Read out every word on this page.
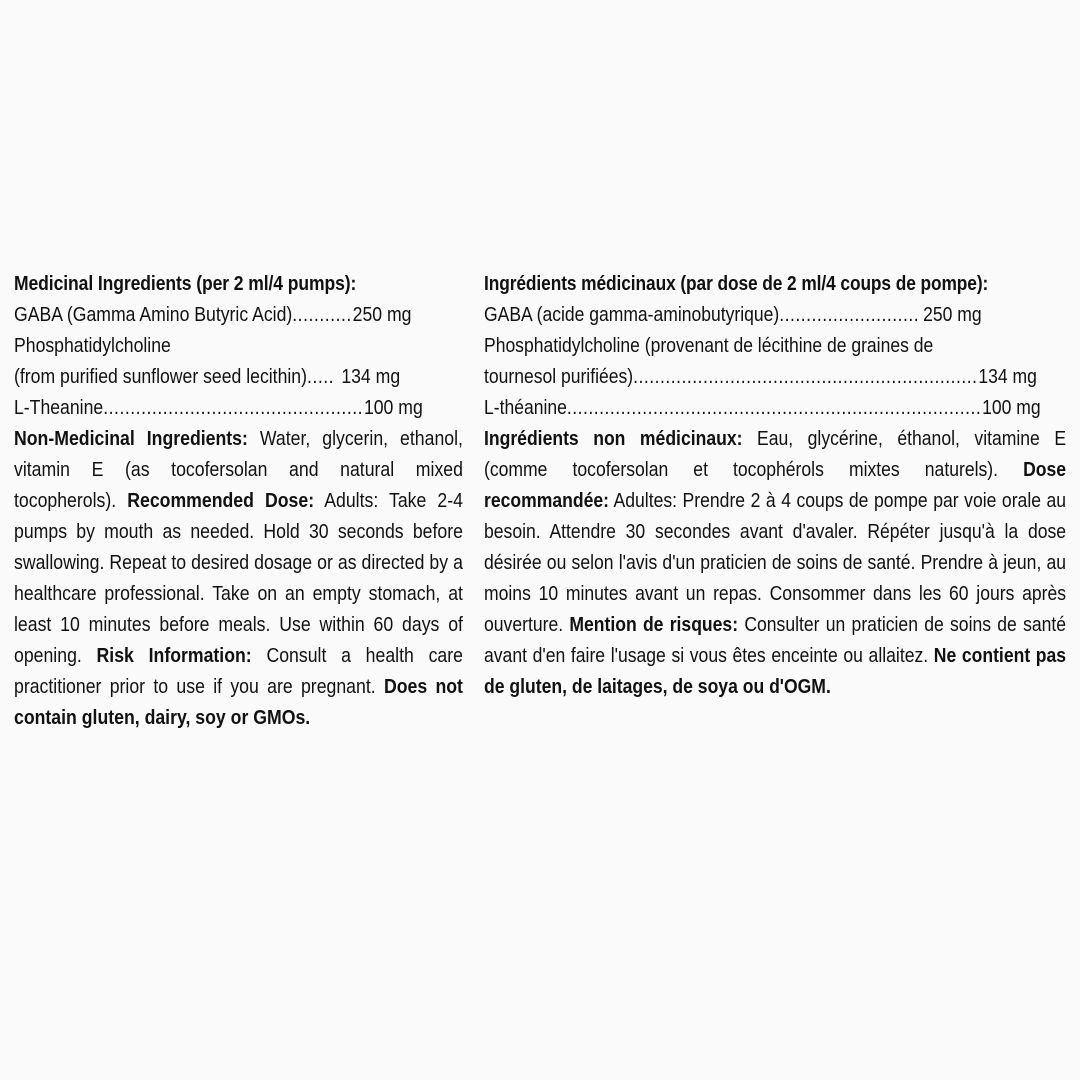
Medicinal Ingredients (per 2 ml/4 pumps):
GABA (Gamma Amino Butyric Acid) ........... 250 mg
Phosphatidylcholine
(from purified sunflower seed lecithin) ..... 134 mg
L-Theanine ................................................ 100 mg

Non-Medicinal Ingredients: Water, glycerin, ethanol, vitamin E (as tocofersolan and natural mixed tocopherols). Recommended Dose: Adults: Take 2-4 pumps by mouth as needed. Hold 30 seconds before swallowing. Repeat to desired dosage or as directed by a healthcare professional. Take on an empty stomach, at least 10 minutes before meals. Use within 60 days of opening. Risk Information: Consult a health care practitioner prior to use if you are pregnant. Does not contain gluten, dairy, soy or GMOs.

Ingrédients médicinaux (par dose de 2 ml/4 coups de pompe):
GABA (acide gamma-aminobutyrique) .......................... 250 mg
Phosphatidylcholine (provenant de lécithine de graines de
tournesol purifiées) ................................................................ 134 mg
L-théanine ............................................................................. 100 mg

Ingrédients non médicinaux: Eau, glycérine, éthanol, vitamine E (comme tocofersolan et tocophérols mixtes naturels). Dose recommandée: Adultes: Prendre 2 à 4 coups de pompe par voie orale au besoin. Attendre 30 secondes avant d'avaler. Répéter jusqu'à la dose désirée ou selon l'avis d'un praticien de soins de santé. Prendre à jeun, au moins 10 minutes avant un repas. Consommer dans les 60 jours après ouverture. Mention de risques: Consulter un praticien de soins de santé avant d'en faire l'usage si vous êtes enceinte ou allaitez. Ne contient pas de gluten, de laitages, de soya ou d'OGM.
